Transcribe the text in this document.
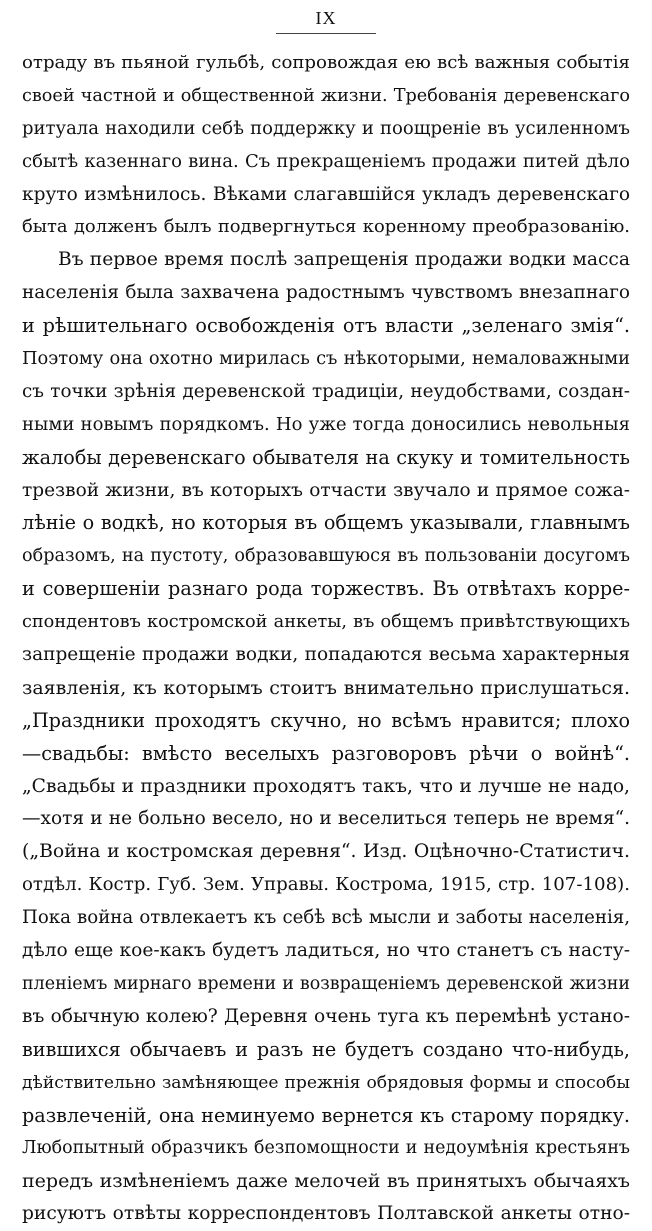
IX
отраду въ пьяной гульбѣ, сопровождая ею всѣ важныя событія
своей частной и общественной жизни. Требованія деревенскаго
ритуала находили себѣ поддержку и поощреніе въ усиленномъ
сбытѣ казеннаго вина. Съ прекращеніемъ продажи питей дѣло
круто измѣнилось. Вѣками слагавшійся укладъ деревенскаго
быта долженъ былъ подвергнуться коренному преобразованію.
Въ первое время послѣ запрещенія продажи водки масса
населенія была захвачена радостнымъ чувствомъ внезапнаго
и рѣшительнаго освобожденія отъ власти „зеленаго змія“.
Поэтому она охотно мирилась съ нѣкоторыми, немаловажными
съ точки зрѣнія деревенской традиціи, неудобствами, создан-
ными новымъ порядкомъ. Но уже тогда доносились невольныя
жалобы деревенскаго обывателя на скуку и томительность
трезвой жизни, въ которыхъ отчасти звучало и прямое сожа-
лѣніе о водкѣ, но которыя въ общемъ указывали, главнымъ
образомъ, на пустоту, образовавшуюся въ пользованіи досугомъ
и совершеніи разнаго рода торжествъ. Въ отвѣтахъ корре-
спондентовъ костромской анкеты, въ общемъ привѣтствующихъ
запрещеніе продажи водки, попадаются весьма характерныя
заявленія, къ которымъ стоитъ внимательно прислушаться.
„Праздники проходятъ скучно, но всѣмъ нравится; плохо
—свадьбы: вмѣсто веселыхъ разговоровъ рѣчи о войнѣ“.
„Свадьбы и праздники проходятъ такъ, что и лучше не надо,
—хотя и не больно весело, но и веселиться теперь не время“.
(„Война и костромская деревня“. Изд. Оцѣночно-Статистич.
отдѣл. Костр. Губ. Зем. Управы. Кострома, 1915, стр. 107-108).
Пока война отвлекаетъ къ себѣ всѣ мысли и заботы населенія,
дѣло еще кое-какъ будетъ ладиться, но что станетъ съ насту-
пленіемъ мирнаго времени и возвращеніемъ деревенской жизни
въ обычную колею? Деревня очень туга къ перемѣнѣ устано-
вившихся обычаевъ и разъ не будетъ создано что-нибудь,
дѣйствительно замѣняющее прежнія обрядовыя формы и способы
развлеченій, она неминуемо вернется къ старому порядку.
Любопытный образчикъ безпомощности и недоумѣнія крестьянъ
передъ измѣненіемъ даже мелочей въ принятыхъ обычаяхъ
рисуютъ отвѣты корреспондентовъ Полтавской анкеты отно-
